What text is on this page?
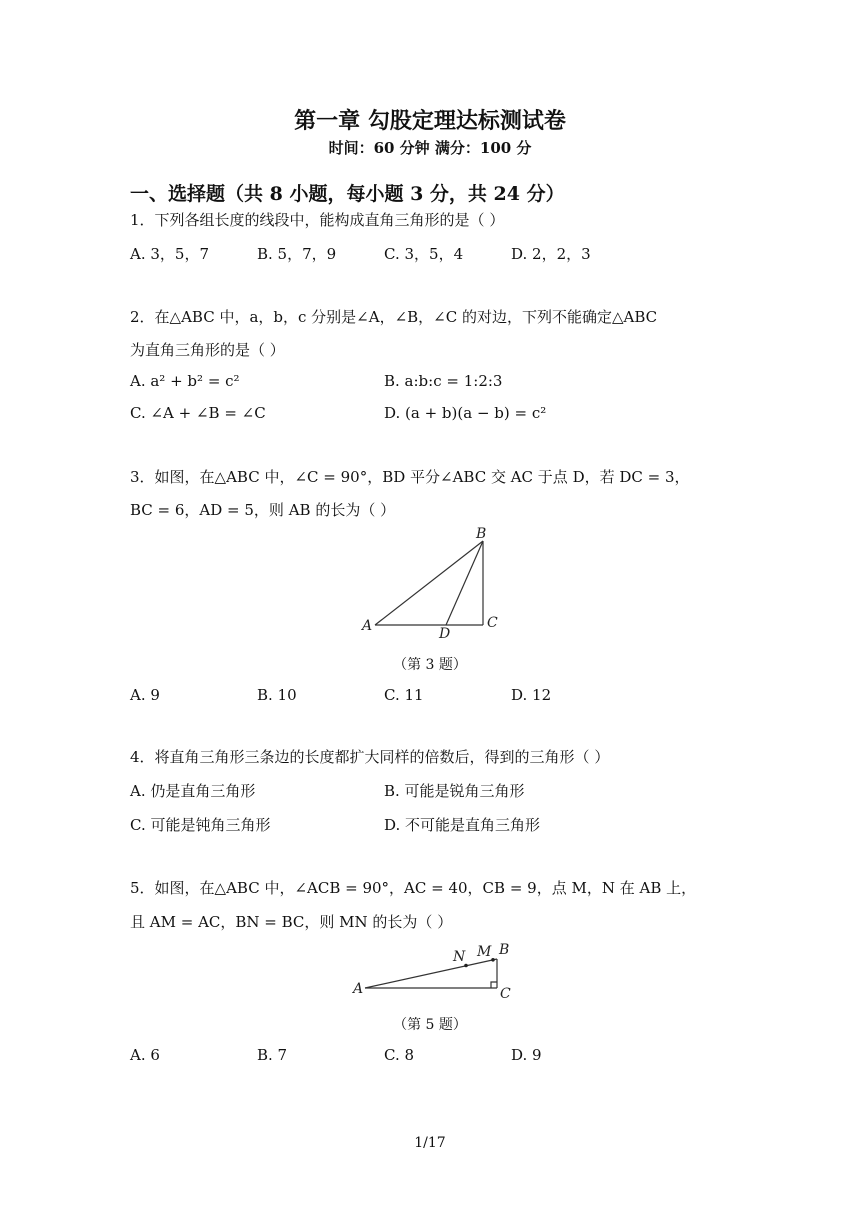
第一章 勾股定理达标测试卷
时间：60 分钟 满分：100 分
一、选择题（共 8 小题，每小题 3 分，共 24 分）
1．下列各组长度的线段中，能构成直角三角形的是（ ）
A. 3，5，7	B. 5，7，9	C. 3，5，4	D. 2，2，3
2．在△ABC 中，a，b，c 分别是∠A，∠B，∠C 的对边，下列不能确定△ABC
为直角三角形的是（ ）
A. a² + b² = c²	B. a:b:c = 1:2:3
C. ∠A + ∠B = ∠C	D. (a + b)(a − b) = c²
3．如图，在△ABC 中，∠C = 90°，BD 平分∠ABC 交 AC 于点 D，若 DC = 3，
BC = 6，AD = 5，则 AB 的长为（ ）
A
B
C
D
（第 3 题）
A. 9	B. 10	C. 11	D. 12
4．将直角三角形三条边的长度都扩大同样的倍数后，得到的三角形（ ）
A. 仍是直角三角形	B. 可能是锐角三角形
C. 可能是钝角三角形	D. 不可能是直角三角形
5．如图，在△ABC 中，∠ACB = 90°，AC = 40，CB = 9，点 M，N 在 AB 上，
且 AM = AC，BN = BC，则 MN 的长为（ ）
A
B
C
M
N
（第 5 题）
A. 6	B. 7	C. 8	D. 9
1/17
